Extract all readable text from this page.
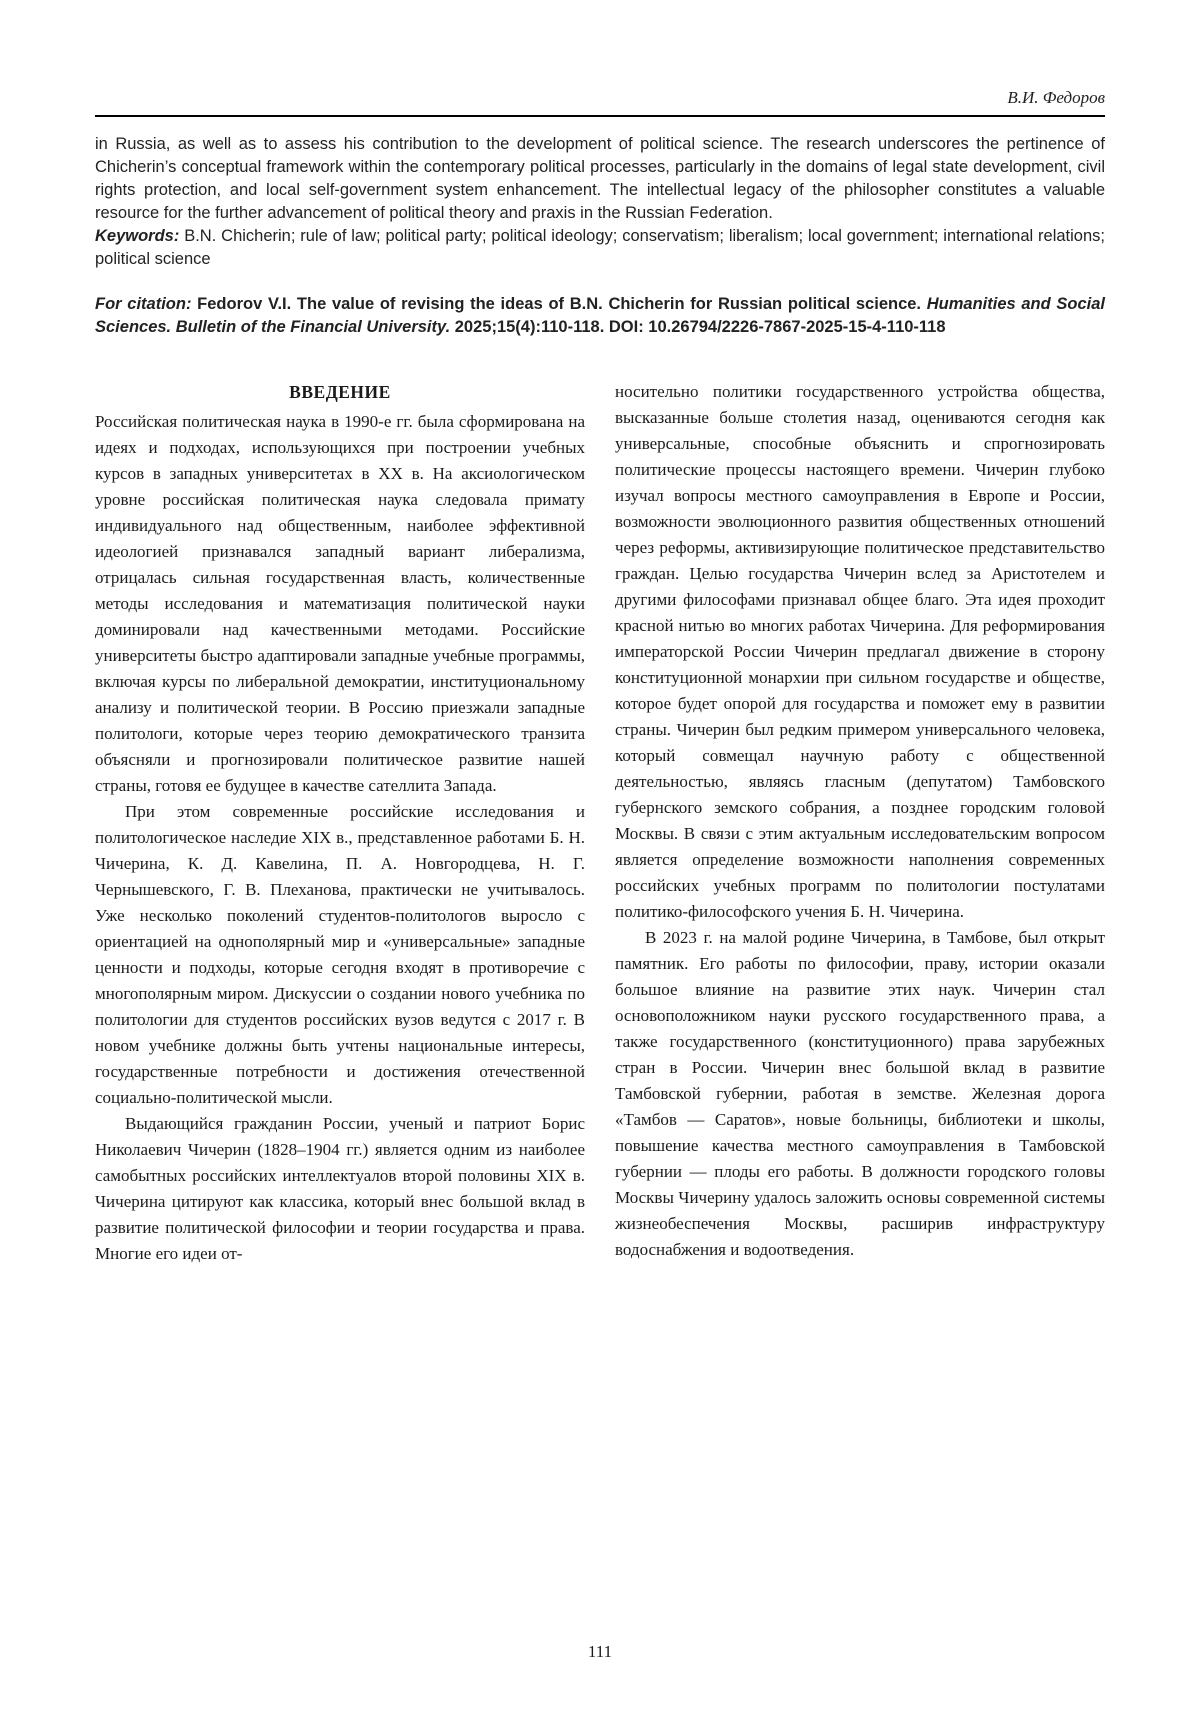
В.И. Федоров

in Russia, as well as to assess his contribution to the development of political science. The research underscores the pertinence of Chicherin’s conceptual framework within the contemporary political processes, particularly in the domains of legal state development, civil rights protection, and local self-government system enhancement. The intellectual legacy of the philosopher constitutes a valuable resource for the further advancement of political theory and praxis in the Russian Federation.

Keywords: B.N. Chicherin; rule of law; political party; political ideology; conservatism; liberalism; local government; international relations; political science

For citation: Fedorov V.I. The value of revising the ideas of B.N. Chicherin for Russian political science. Humanities and Social Sciences. Bulletin of the Financial University. 2025;15(4):110-118. DOI: 10.26794/2226-7867-2025-15-4-110-118

ВВЕДЕНИЕ

Российская политическая наука в 1990-е гг. была сформирована на идеях и подходах, использующихся при построении учебных курсов в западных университетах в XX в. На аксиологическом уровне российская политическая наука следовала примату индивидуального над общественным, наиболее эффективной идеологией признавался западный вариант либерализма, отрицалась сильная государственная власть, количественные методы исследования и математизация политической науки доминировали над качественными методами. Российские университеты быстро адаптировали западные учебные программы, включая курсы по либеральной демократии, институциональному анализу и политической теории. В Россию приезжали западные политологи, которые через теорию демократического транзита объясняли и прогнозировали политическое развитие нашей страны, готовя ее будущее в качестве сателлита Запада.

При этом современные российские исследования и политологическое наследие XIX в., представленное работами Б. Н. Чичерина, К. Д. Кавелина, П. А. Новгородцева, Н. Г. Чернышевского, Г. В. Плеханова, практически не учитывалось. Уже несколько поколений студентов-политологов выросло с ориентацией на однополярный мир и «универсальные» западные ценности и подходы, которые сегодня входят в противоречие с многополярным миром. Дискуссии о создании нового учебника по политологии для студентов российских вузов ведутся с 2017 г. В новом учебнике должны быть учтены национальные интересы, государственные потребности и достижения отечественной социально-политической мысли.

Выдающийся гражданин России, ученый и патриот Борис Николаевич Чичерин (1828–1904 гг.) является одним из наиболее самобытных российских интеллектуалов второй половины XIX в. Чичерина цитируют как классика, который внес большой вклад в развитие политической философии и теории государства и права. Многие его идеи от-

носительно политики государственного устройства общества, высказанные больше столетия назад, оцениваются сегодня как универсальные, способные объяснить и спрогнозировать политические процессы настоящего времени. Чичерин глубоко изучал вопросы местного самоуправления в Европе и России, возможности эволюционного развития общественных отношений через реформы, активизирующие политическое представительство граждан. Целью государства Чичерин вслед за Аристотелем и другими философами признавал общее благо. Эта идея проходит красной нитью во многих работах Чичерина. Для реформирования императорской России Чичерин предлагал движение в сторону конституционной монархии при сильном государстве и обществе, которое будет опорой для государства и поможет ему в развитии страны. Чичерин был редким примером универсального человека, который совмещал научную работу с общественной деятельностью, являясь гласным (депутатом) Тамбовского губернского земского собрания, а позднее городским головой Москвы. В связи с этим актуальным исследовательским вопросом является определение возможности наполнения современных российских учебных программ по политологии постулатами политико-философского учения Б. Н. Чичерина.

В 2023 г. на малой родине Чичерина, в Тамбове, был открыт памятник. Его работы по философии, праву, истории оказали большое влияние на развитие этих наук. Чичерин стал основоположником науки русского государственного права, а также государственного (конституционного) права зарубежных стран в России. Чичерин внес большой вклад в развитие Тамбовской губернии, работая в земстве. Железная дорога «Тамбов — Саратов», новые больницы, библиотеки и школы, повышение качества местного самоуправления в Тамбовской губернии — плоды его работы. В должности городского головы Москвы Чичерину удалось заложить основы современной системы жизнеобеспечения Москвы, расширив инфраструктуру водоснабжения и водоотведения.

111
